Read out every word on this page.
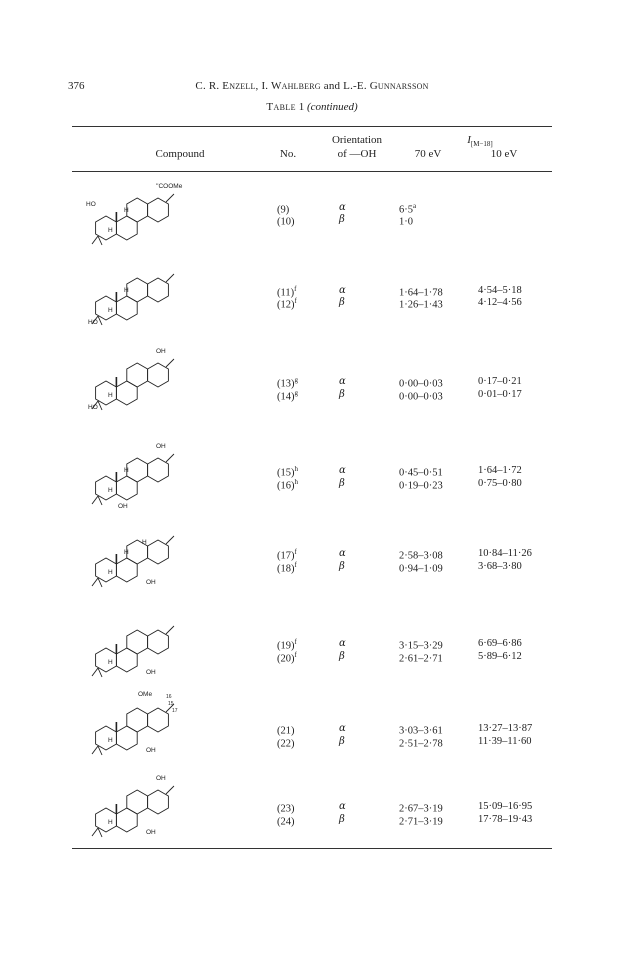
376	C. R. Enzell, I. Wahlberg and L.-E. Gunnarsson
Table 1 (continued)
Compound	No.
Orientation
of —OH
$I_{[M-18]}$
70 eV	10 eV
HO
''COOMe
H
H
HO
H
H
OH
HO
H
OH
H
H
OH
H
H
H
OH
H
OH
OMe	16
15
17
H
OH
OH
H
OH
(9)	α	$6\cdot 5^a$
(10)	β	1·0
$(11)^f$	α	1·64–1·78	4·54–5·18
$(12)^f$	β	1·26–1·43	4·12–4·56
$(13)^g$	α	0·00–0·03	0·17–0·21
$(14)^g$	β	0·00–0·03	0·01–0·17
$(15)^h$	α	0·45–0·51	1·64–1·72
$(16)^h$	β	0·19–0·23	0·75–0·80
$(17)^f$	α	2·58–3·08	10·84–11·26
$(18)^f$	β	0·94–1·09	3·68–3·80
$(19)^f$	α	3·15–3·29	6·69–6·86
$(20)^f$	β	2·61–2·71	5·89–6·12
(21)	α	3·03–3·61	13·27–13·87
(22)	β	2·51–2·78	11·39–11·60
(23)	α	2·67–3·19	15·09–16·95
(24)	β	2·71–3·19	17·78–19·43
